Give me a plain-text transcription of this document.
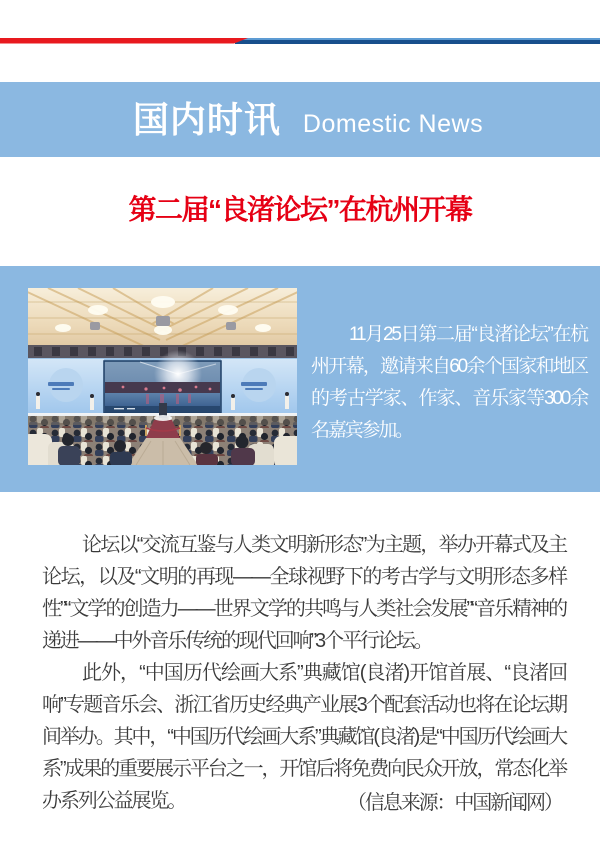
国内时讯 Domestic News
第二届“良渚论坛”在杭州开幕

11月25日第二届“良渚论坛”在杭州开幕，邀请来自60余个国家和地区的考古学家、作家、音乐家等300余名嘉宾参加。

论坛以“交流互鉴与人类文明新形态”为主题，举办开幕式及主论坛，以及“文明的再现——全球视野下的考古学与文明形态多样性”“文学的创造力——世界文学的共鸣与人类社会发展”“音乐精神的递进——中外音乐传统的现代回响”3个平行论坛。

此外，“中国历代绘画大系”典藏馆(良渚)开馆首展、“良渚回响”专题音乐会、浙江省历史经典产业展3个配套活动也将在论坛期间举办。其中，“中国历代绘画大系”典藏馆(良渚)是“中国历代绘画大系”成果的重要展示平台之一，开馆后将免费向民众开放，常态化举办系列公益展览。	（信息来源：中国新闻网）
